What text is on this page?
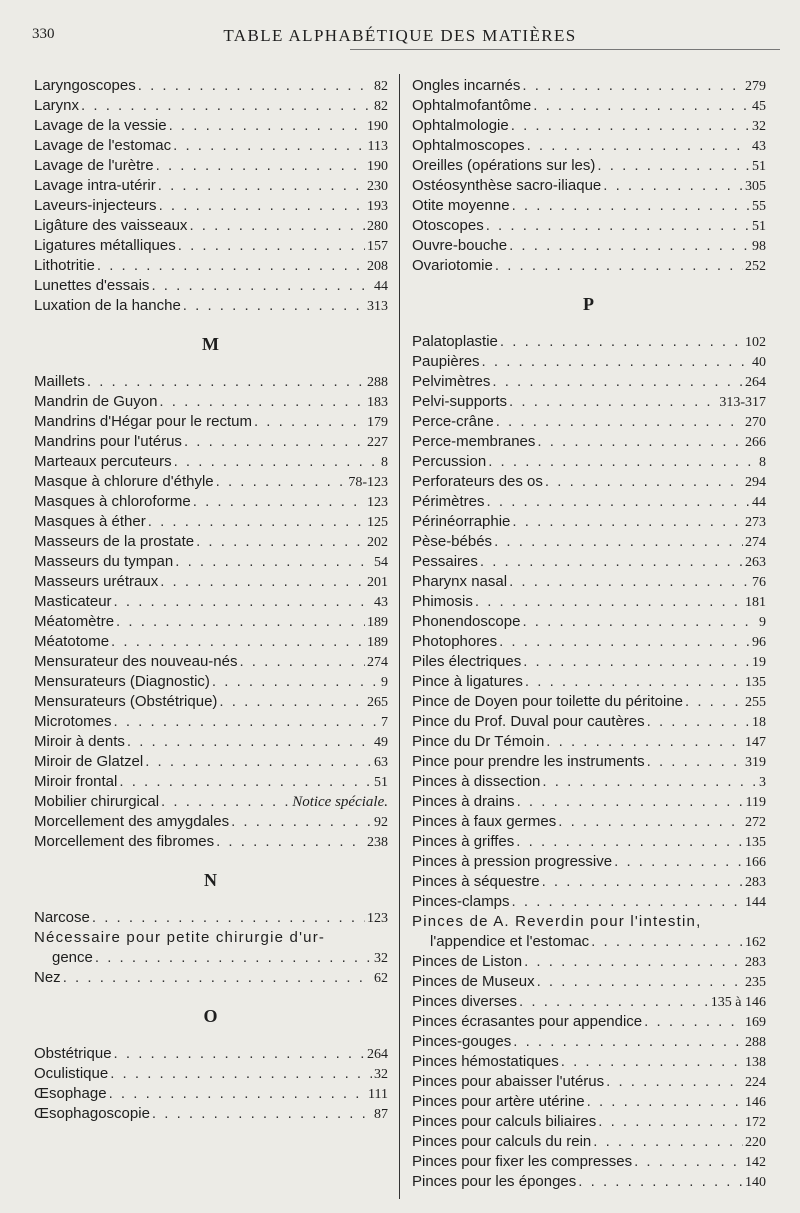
330	TABLE ALPHABÉTIQUE DES MATIÈRES
Laryngoscopes . . .	82
Larynx . . .	82
Lavage de la vessie . . .	190
Lavage de l'estomac . . .	113
Lavage de l'urètre . . .	190
Lavage intra-utérir . . .	230
Laveurs-injecteurs . . .	193
Ligâture des vaisseaux . . .	280
Ligatures métalliques . . .	157
Lithotritie . . .	208
Lunettes d'essais . . .	44
Luxation de la hanche . . .	313
M
Maillets . . .	288
Mandrin de Guyon . . .	183
Mandrins d'Hégar pour le rectum . . .	179
Mandrins pour l'utérus . . .	227
Marteaux percuteurs . . .	8
Masque à chlorure d'éthyle . . .	78-123
Masques à chloroforme . . .	123
Masques à éther . . .	125
Masseurs de la prostate . . .	202
Masseurs du tympan . . .	54
Masseurs urétraux . . .	201
Masticateur . . .	43
Méatomètre . . .	189
Méatotome . . .	189
Mensurateur des nouveau-nés . . .	274
Mensurateurs (Diagnostic) . . .	9
Mensurateurs (Obstétrique) . . .	265
Microtomes . . .	7
Miroir à dents . . .	49
Miroir de Glatzel . . .	63
Miroir frontal . . .	51
Mobilier chirurgical . . .	Notice spéciale.
Morcellement des amygdales . . .	92
Morcellement des fibromes . . .	238
N
Narcose . . .	123
Nécessaire pour petite chirurgie d'ur-
gence . . .	32
Nez . . .	62
O
Obstétrique . . .	264
Oculistique . . .	32
Œsophage . . .	111
Œsophagoscopie . . .	87
Ongles incarnés . . .	279
Ophtalmofantôme . . .	45
Ophtalmologie . . .	32
Ophtalmoscopes . . .	43
Oreilles (opérations sur les) . . .	51
Ostéosynthèse sacro-iliaque . . .	305
Otite moyenne . . .	55
Otoscopes . . .	51
Ouvre-bouche . . .	98
Ovariotomie . . .	252
P
Palatoplastie . . .	102
Paupières . . .	40
Pelvimètres . . .	264
Pelvi-supports . . .	313-317
Perce-crâne . . .	270
Perce-membranes . . .	266
Percussion . . .	8
Perforateurs des os . . .	294
Périmètres . . .	44
Périnéorraphie . . .	273
Pèse-bébés . . .	274
Pessaires . . .	263
Pharynx nasal . . .	76
Phimosis . . .	181
Phonendoscope . . .	9
Photophores . . .	96
Piles électriques . . .	19
Pince à ligatures . . .	135
Pince de Doyen pour toilette du péritoine . . .	255
Pince du Prof. Duval pour cautères . . .	18
Pince du Dr Témoin . . .	147
Pince pour prendre les instruments . . .	319
Pinces à dissection . . .	3
Pinces à drains . . .	119
Pinces à faux germes . . .	272
Pinces à griffes . . .	135
Pinces à pression progressive . . .	166
Pinces à séquestre . . .	283
Pinces-clamps . . .	144
Pinces de A. Reverdin pour l'intestin,
l'appendice et l'estomac . . .	162
Pinces de Liston . . .	283
Pinces de Museux . . .	235
Pinces diverses . . .	135 à 146
Pinces écrasantes pour appendice . . .	169
Pinces-gouges . . .	288
Pinces hémostatiques . . .	138
Pinces pour abaisser l'utérus . . .	224
Pinces pour artère utérine . . .	146
Pinces pour calculs biliaires . . .	172
Pinces pour calculs du rein . . .	220
Pinces pour fixer les compresses . . .	142
Pinces pour les éponges . . .	140
